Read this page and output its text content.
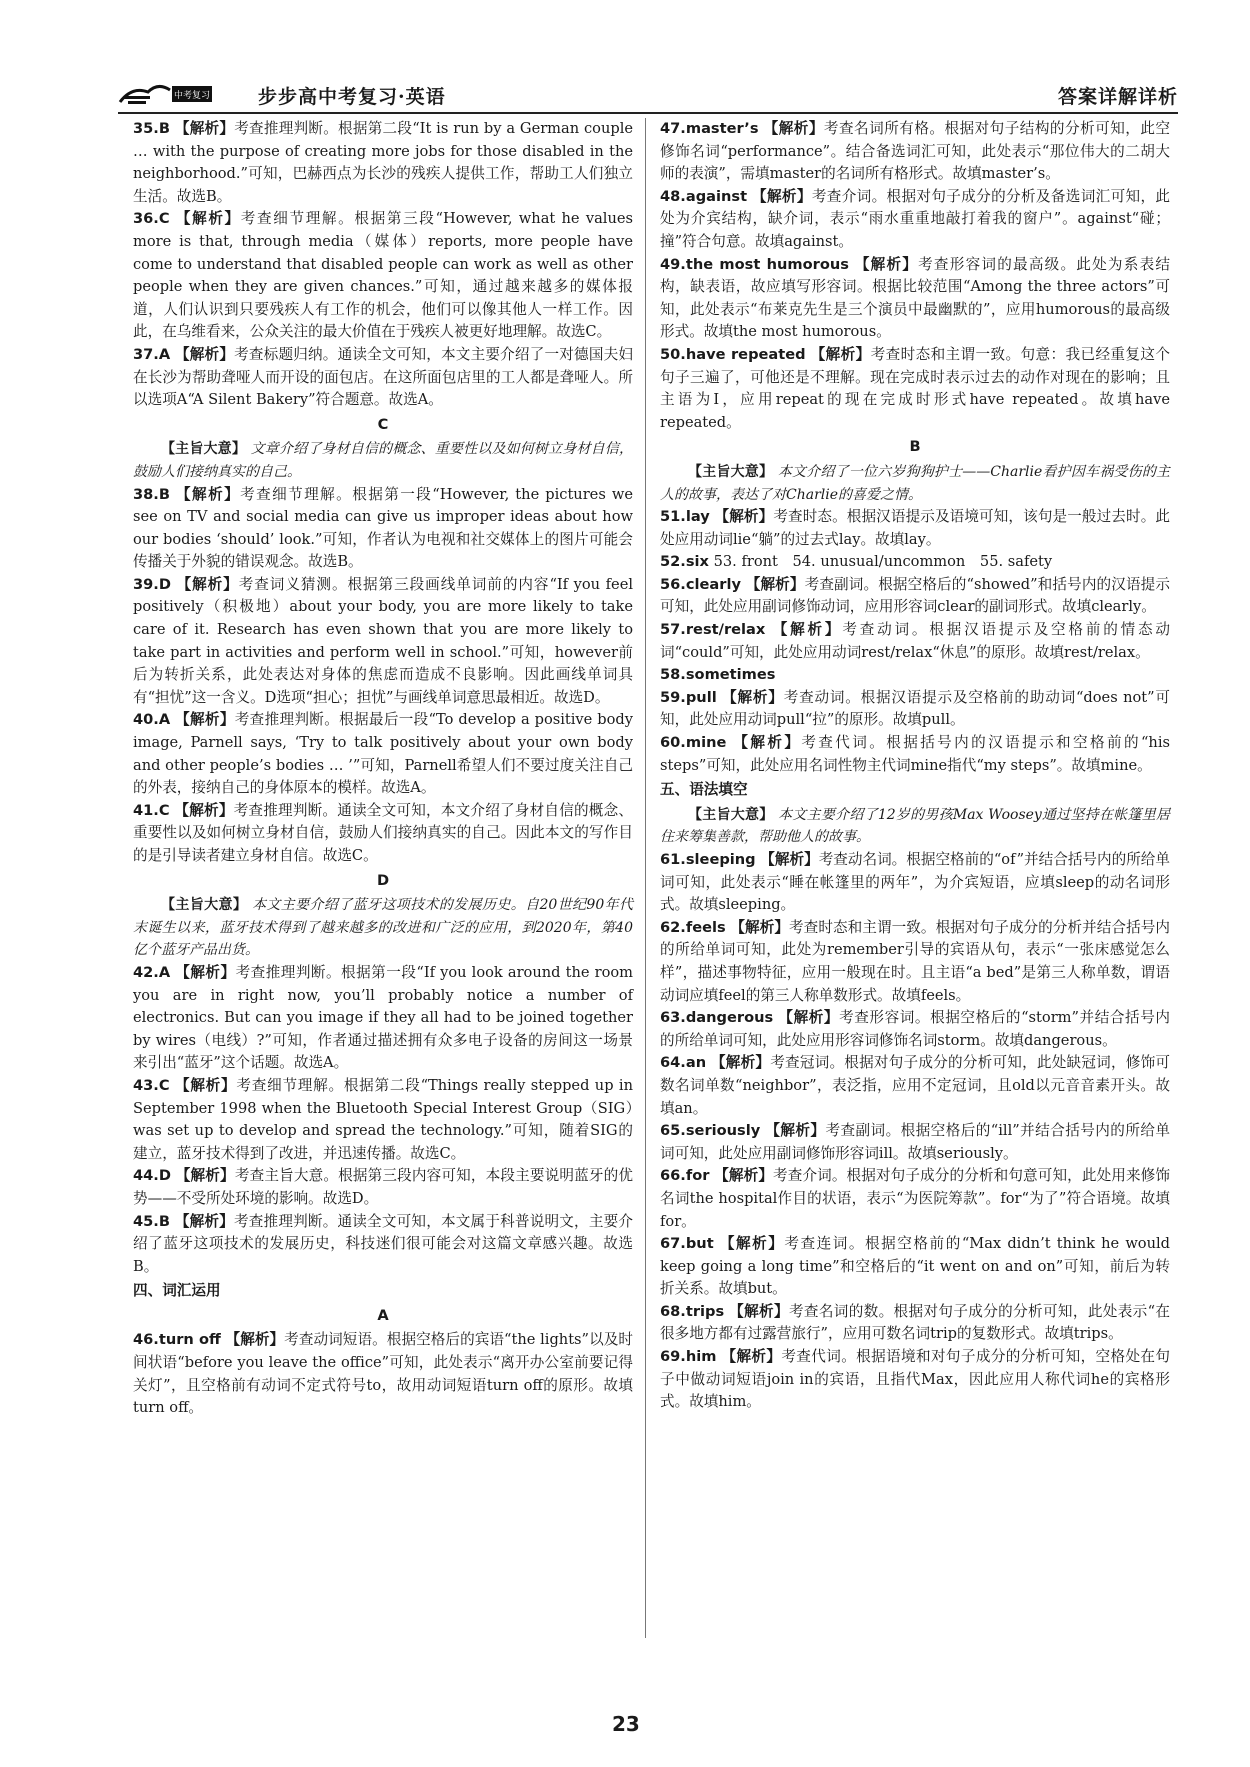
中考复习	步步高中考复习·英语	答案详解详析

35.B 【解析】考查推理判断。根据第二段“It is run by a German couple … with the purpose of creating more jobs for those disabled in the neighborhood.”可知，巴赫西点为长沙的残疾人提供工作，帮助工人们独立生活。故选B。

36.C 【解析】考查细节理解。根据第三段“However, what he values more is that, through media（媒体）reports, more people have come to understand that disabled people can work as well as other people when they are given chances.”可知，通过越来越多的媒体报道，人们认识到只要残疾人有工作的机会，他们可以像其他人一样工作。因此，在乌维看来，公众关注的最大价值在于残疾人被更好地理解。故选C。

37.A 【解析】考查标题归纳。通读全文可知，本文主要介绍了一对德国夫妇在长沙为帮助聋哑人而开设的面包店。在这所面包店里的工人都是聋哑人。所以选项A“A Silent Bakery”符合题意。故选A。

C

【主旨大意】 文章介绍了身材自信的概念、重要性以及如何树立身材自信，鼓励人们接纳真实的自己。

38.B 【解析】考查细节理解。根据第一段“However, the pictures we see on TV and social media can give us improper ideas about how our bodies ‘should’ look.”可知，作者认为电视和社交媒体上的图片可能会传播关于外貌的错误观念。故选B。

39.D 【解析】考查词义猜测。根据第三段画线单词前的内容“If you feel positively（积极地）about your body, you are more likely to take care of it. Research has even shown that you are more likely to take part in activities and perform well in school.”可知，however前后为转折关系，此处表达对身体的焦虑而造成不良影响。因此画线单词具有“担忧”这一含义。D选项“担心；担忧”与画线单词意思最相近。故选D。

40.A 【解析】考查推理判断。根据最后一段“To develop a positive body image, Parnell says, ‘Try to talk positively about your own body and other people’s bodies … ’”可知，Parnell希望人们不要过度关注自己的外表，接纳自己的身体原本的模样。故选A。

41.C 【解析】考查推理判断。通读全文可知，本文介绍了身材自信的概念、重要性以及如何树立身材自信，鼓励人们接纳真实的自己。因此本文的写作目的是引导读者建立身材自信。故选C。

D

【主旨大意】 本文主要介绍了蓝牙这项技术的发展历史。自20世纪90年代末诞生以来，蓝牙技术得到了越来越多的改进和广泛的应用，到2020年，第40亿个蓝牙产品出货。

42.A 【解析】考查推理判断。根据第一段“If you look around the room you are in right now, you’ll probably notice a number of electronics. But can you image if they all had to be joined together by wires（电线）?”可知，作者通过描述拥有众多电子设备的房间这一场景来引出“蓝牙”这个话题。故选A。

43.C 【解析】考查细节理解。根据第二段“Things really stepped up in September 1998 when the Bluetooth Special Interest Group（SIG）was set up to develop and spread the technology.”可知，随着SIG的建立，蓝牙技术得到了改进，并迅速传播。故选C。

44.D 【解析】考查主旨大意。根据第三段内容可知，本段主要说明蓝牙的优势——不受所处环境的影响。故选D。

45.B 【解析】考查推理判断。通读全文可知，本文属于科普说明文，主要介绍了蓝牙这项技术的发展历史，科技迷们很可能会对这篇文章感兴趣。故选B。

四、词汇运用

A

46.turn off 【解析】考查动词短语。根据空格后的宾语“the lights”以及时间状语“before you leave the office”可知，此处表示“离开办公室前要记得关灯”，且空格前有动词不定式符号to，故用动词短语turn off的原形。故填turn off。

47.master’s 【解析】考查名词所有格。根据对句子结构的分析可知，此空修饰名词“performance”。结合备选词汇可知，此处表示“那位伟大的二胡大师的表演”，需填master的名词所有格形式。故填master’s。

48.against 【解析】考查介词。根据对句子成分的分析及备选词汇可知，此处为介宾结构，缺介词，表示“雨水重重地敲打着我的窗户”。against“碰；撞”符合句意。故填against。

49.the most humorous 【解析】考查形容词的最高级。此处为系表结构，缺表语，故应填写形容词。根据比较范围“Among the three actors”可知，此处表示“布莱克先生是三个演员中最幽默的”，应用humorous的最高级形式。故填the most humorous。

50.have repeated 【解析】考查时态和主谓一致。句意：我已经重复这个句子三遍了，可他还是不理解。现在完成时表示过去的动作对现在的影响；且主语为I，应用repeat的现在完成时形式have repeated。故填have repeated。

B

【主旨大意】 本文介绍了一位六岁狗狗护士——Charlie看护因车祸受伤的主人的故事，表达了对Charlie的喜爱之情。

51.lay 【解析】考查时态。根据汉语提示及语境可知，该句是一般过去时。此处应用动词lie“躺”的过去式lay。故填lay。

52.six 53. front　54. unusual/uncommon　55. safety

56.clearly 【解析】考查副词。根据空格后的“showed”和括号内的汉语提示可知，此处应用副词修饰动词，应用形容词clear的副词形式。故填clearly。

57.rest/relax 【解析】考查动词。根据汉语提示及空格前的情态动词“could”可知，此处应用动词rest/relax“休息”的原形。故填rest/relax。

58.sometimes

59.pull 【解析】考查动词。根据汉语提示及空格前的助动词“does not”可知，此处应用动词pull“拉”的原形。故填pull。

60.mine 【解析】考查代词。根据括号内的汉语提示和空格前的“his steps”可知，此处应用名词性物主代词mine指代“my steps”。故填mine。

五、语法填空

【主旨大意】 本文主要介绍了12岁的男孩Max Woosey通过坚持在帐篷里居住来筹集善款，帮助他人的故事。

61.sleeping 【解析】考查动名词。根据空格前的“of”并结合括号内的所给单词可知，此处表示“睡在帐篷里的两年”，为介宾短语，应填sleep的动名词形式。故填sleeping。

62.feels 【解析】考查时态和主谓一致。根据对句子成分的分析并结合括号内的所给单词可知，此处为remember引导的宾语从句，表示“一张床感觉怎么样”，描述事物特征，应用一般现在时。且主语“a bed”是第三人称单数，谓语动词应填feel的第三人称单数形式。故填feels。

63.dangerous 【解析】考查形容词。根据空格后的“storm”并结合括号内的所给单词可知，此处应用形容词修饰名词storm。故填dangerous。

64.an 【解析】考查冠词。根据对句子成分的分析可知，此处缺冠词，修饰可数名词单数“neighbor”，表泛指，应用不定冠词，且old以元音音素开头。故填an。

65.seriously 【解析】考查副词。根据空格后的“ill”并结合括号内的所给单词可知，此处应用副词修饰形容词ill。故填seriously。

66.for 【解析】考查介词。根据对句子成分的分析和句意可知，此处用来修饰名词the hospital作目的状语，表示“为医院筹款”。for“为了”符合语境。故填for。

67.but 【解析】考查连词。根据空格前的“Max didn’t think he would keep going a long time”和空格后的“it went on and on”可知，前后为转折关系。故填but。

68.trips 【解析】考查名词的数。根据对句子成分的分析可知，此处表示“在很多地方都有过露营旅行”，应用可数名词trip的复数形式。故填trips。

69.him 【解析】考查代词。根据语境和对句子成分的分析可知，空格处在句子中做动词短语join in的宾语，且指代Max，因此应用人称代词he的宾格形式。故填him。

23
